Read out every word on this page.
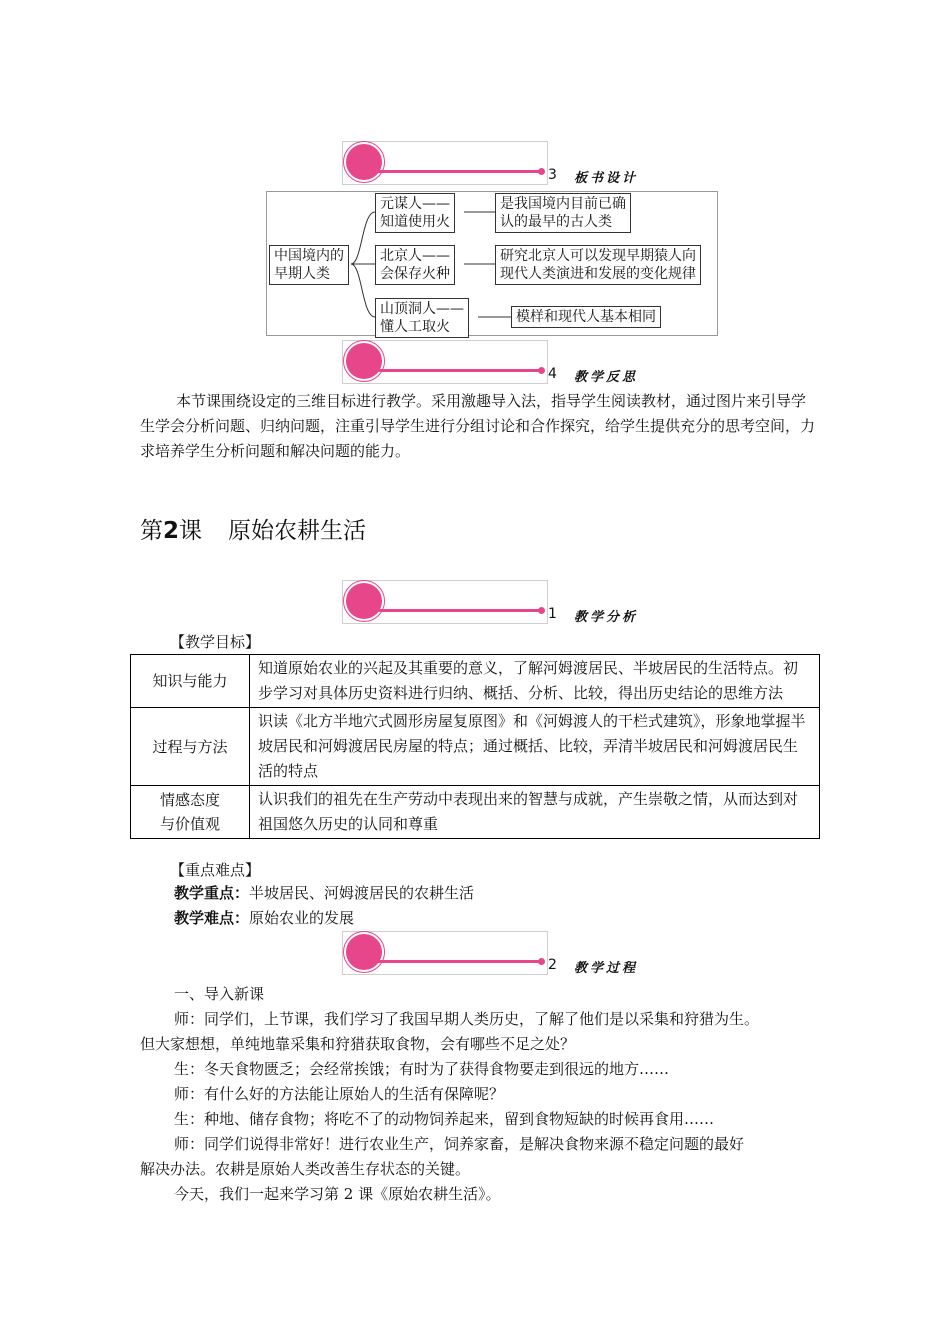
3 板书设计
中国境内的
早期人类
元谋人——
知道使用火
是我国境内目前已确
认的最早的古人类
北京人——
会保存火种
研究北京人可以发现早期猿人向
现代人类演进和发展的变化规律
山顶洞人——
懂人工取火
模样和现代人基本相同
4 教学反思

本节课围绕设定的三维目标进行教学。采用激趣导入法，指导学生阅读教材，通过图片来引导学生学会分析问题、归纳问题，注重引导学生进行分组讨论和合作探究，给学生提供充分的思考空间，力求培养学生分析问题和解决问题的能力。

第2课 原始农耕生活
1 教学分析
【教学目标】
知识与能力	知道原始农业的兴起及其重要的意义，了解河姆渡居民、半坡居民的生活特点。初步学习对具体历史资料进行归纳、概括、分析、比较，得出历史结论的思维方法
过程与方法	识读《北方半地穴式圆形房屋复原图》和《河姆渡人的干栏式建筑》，形象地掌握半坡居民和河姆渡居民房屋的特点；通过概括、比较，弄清半坡居民和河姆渡居民生活的特点

情感态度
与价值观	认识我们的祖先在生产劳动中表现出来的智慧与成就，产生崇敬之情，从而达到对祖国悠久历史的认同和尊重
【重点难点】
教学重点：半坡居民、河姆渡居民的农耕生活
教学难点：原始农业的发展
2 教学过程
一、导入新课
师：同学们，上节课，我们学习了我国早期人类历史，了解了他们是以采集和狩猎为生。
但大家想想，单纯地靠采集和狩猎获取食物，会有哪些不足之处？
生：冬天食物匮乏；会经常挨饿；有时为了获得食物要走到很远的地方……
师：有什么好的方法能让原始人的生活有保障呢？
生：种地、储存食物；将吃不了的动物饲养起来，留到食物短缺的时候再食用……
师：同学们说得非常好！进行农业生产，饲养家畜，是解决食物来源不稳定问题的最好
解决办法。农耕是原始人类改善生存状态的关键。
今天，我们一起来学习第 2 课《原始农耕生活》。
